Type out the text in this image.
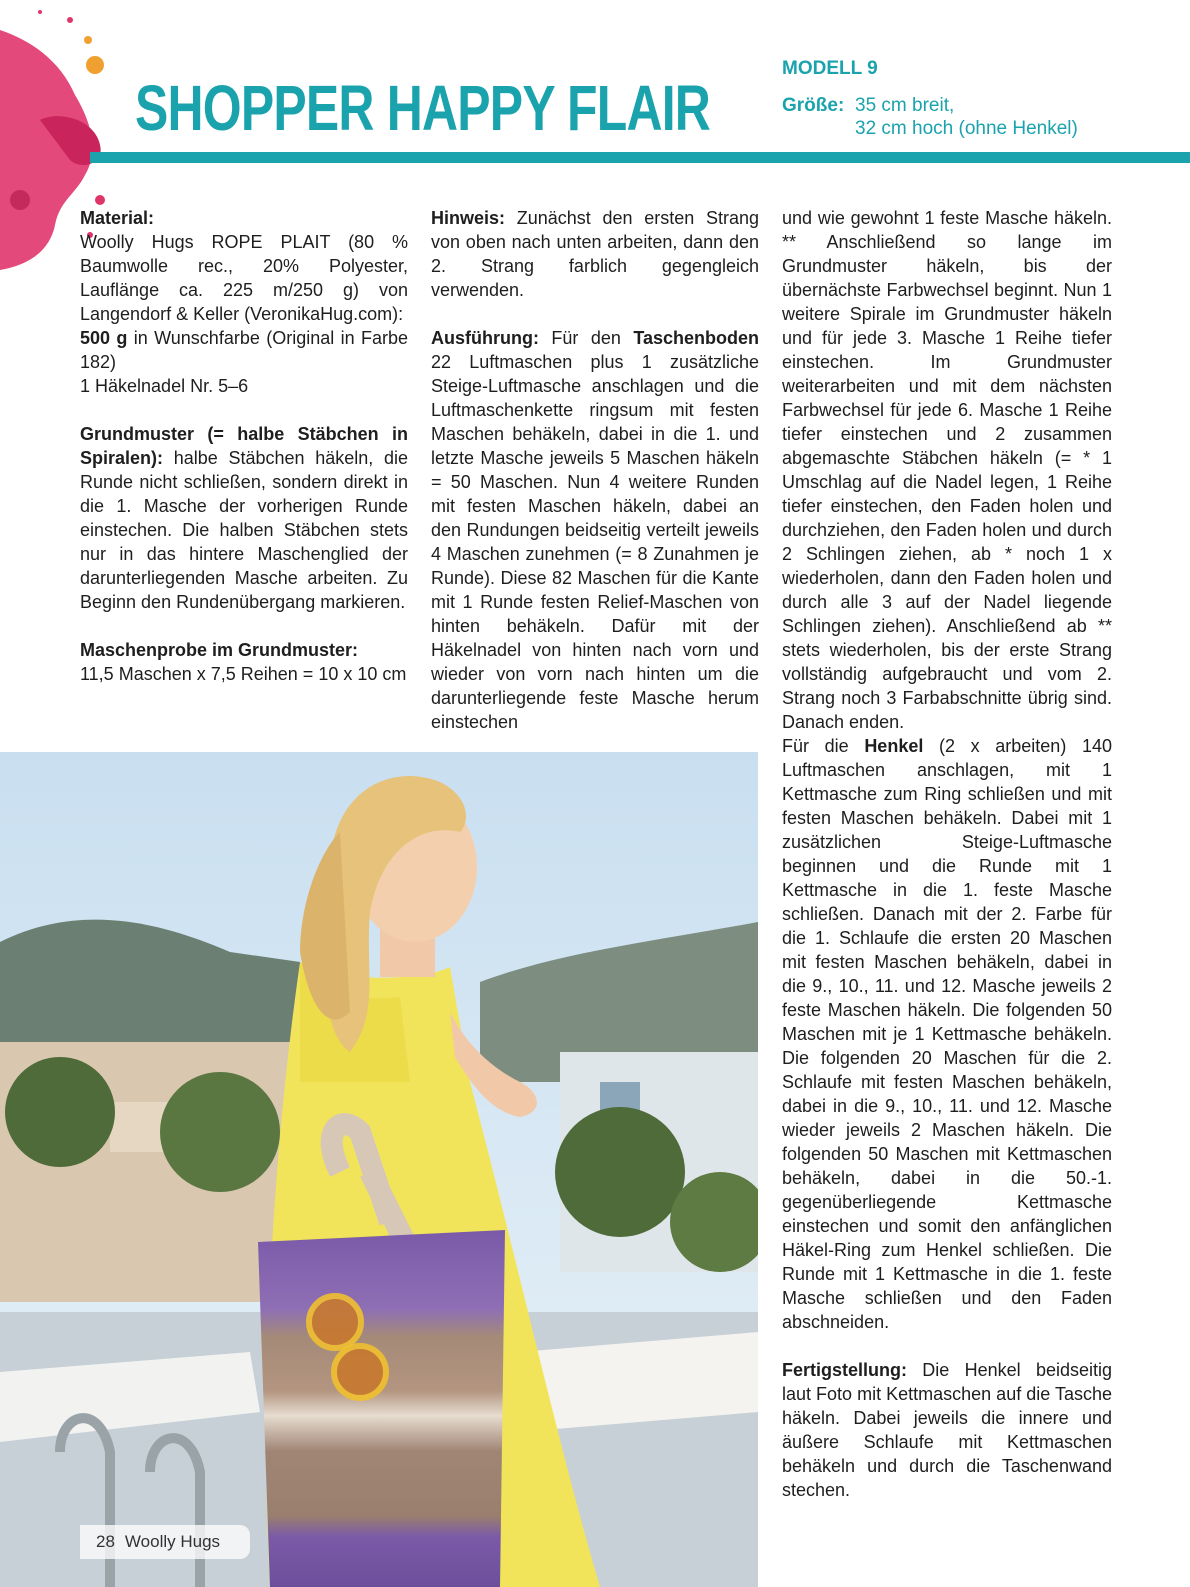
SHOPPER HAPPY FLAIR
MODELL 9
Größe: 35 cm breit,
32 cm hoch (ohne Henkel)

Material:

Woolly Hugs ROPE PLAIT (80 % Baumwolle rec., 20% Polyester, Lauflänge ca. 225 m/250 g) von Langendorf & Keller (VeronikaHug.com):

500 g in Wunschfarbe (Original in Farbe 182)

1 Häkelnadel Nr. 5–6

Grundmuster (= halbe Stäbchen in Spiralen): halbe Stäbchen häkeln, die Runde nicht schließen, sondern direkt in die 1. Masche der vorherigen Runde einstechen. Die halben Stäbchen stets nur in das hintere Maschenglied der darunterliegenden Masche arbeiten. Zu Beginn den Rundenübergang markieren.

Maschenprobe im Grundmuster:

11,5 Maschen x 7,5 Reihen = 10 x 10 cm

Hinweis: Zunächst den ersten Strang von oben nach unten arbeiten, dann den 2. Strang farblich gegengleich verwenden.

Ausführung: Für den Taschenboden 22 Luftmaschen plus 1 zusätzliche Steige-Luftmasche anschlagen und die Luftmaschenkette ringsum mit festen Maschen behäkeln, dabei in die 1. und letzte Masche jeweils 5 Maschen häkeln = 50 Maschen. Nun 4 weitere Runden mit festen Maschen häkeln, dabei an den Rundungen beidseitig verteilt jeweils 4 Maschen zunehmen (= 8 Zunahmen je Runde). Diese 82 Maschen für die Kante mit 1 Runde festen Relief-Maschen von hinten behäkeln. Dafür mit der Häkelnadel von hinten nach vorn und wieder von vorn nach hinten um die darunterliegende feste Masche herum einstechen

und wie gewohnt 1 feste Masche häkeln. ** Anschließend so lange im Grundmuster häkeln, bis der übernächste Farbwechsel beginnt. Nun 1 weitere Spirale im Grundmuster häkeln und für jede 3. Masche 1 Reihe tiefer einstechen. Im Grundmuster weiterarbeiten und mit dem nächsten Farbwechsel für jede 6. Masche 1 Reihe tiefer einstechen und 2 zusammen abgemaschte Stäbchen häkeln (= * 1 Umschlag auf die Nadel legen, 1 Reihe tiefer einstechen, den Faden holen und durchziehen, den Faden holen und durch 2 Schlingen ziehen, ab * noch 1 x wiederholen, dann den Faden holen und durch alle 3 auf der Nadel liegende Schlingen ziehen). Anschließend ab ** stets wiederholen, bis der erste Strang vollständig aufgebraucht und vom 2. Strang noch 3 Farbabschnitte übrig sind. Danach enden.

Für die Henkel (2 x arbeiten) 140 Luftmaschen anschlagen, mit 1 Kettmasche zum Ring schließen und mit festen Maschen behäkeln. Dabei mit 1 zusätzlichen Steige-Luftmasche beginnen und die Runde mit 1 Kettmasche in die 1. feste Masche schließen. Danach mit der 2. Farbe für die 1. Schlaufe die ersten 20 Maschen mit festen Maschen behäkeln, dabei in die 9., 10., 11. und 12. Masche jeweils 2 feste Maschen häkeln. Die folgenden 50 Maschen mit je 1 Kettmasche behäkeln. Die folgenden 20 Maschen für die 2. Schlaufe mit festen Maschen behäkeln, dabei in die 9., 10., 11. und 12. Masche wieder jeweils 2 Maschen häkeln. Die folgenden 50 Maschen mit Kettmaschen behäkeln, dabei in die 50.-1. gegenüberliegende Kettmasche einstechen und somit den anfänglichen Häkel-Ring zum Henkel schließen. Die Runde mit 1 Kettmasche in die 1. feste Masche schließen und den Faden abschneiden.

Fertigstellung: Die Henkel beidseitig laut Foto mit Kettmaschen auf die Tasche häkeln. Dabei jeweils die innere und äußere Schlaufe mit Kettmaschen behäkeln und durch die Taschenwand stechen.

28 Woolly Hugs
